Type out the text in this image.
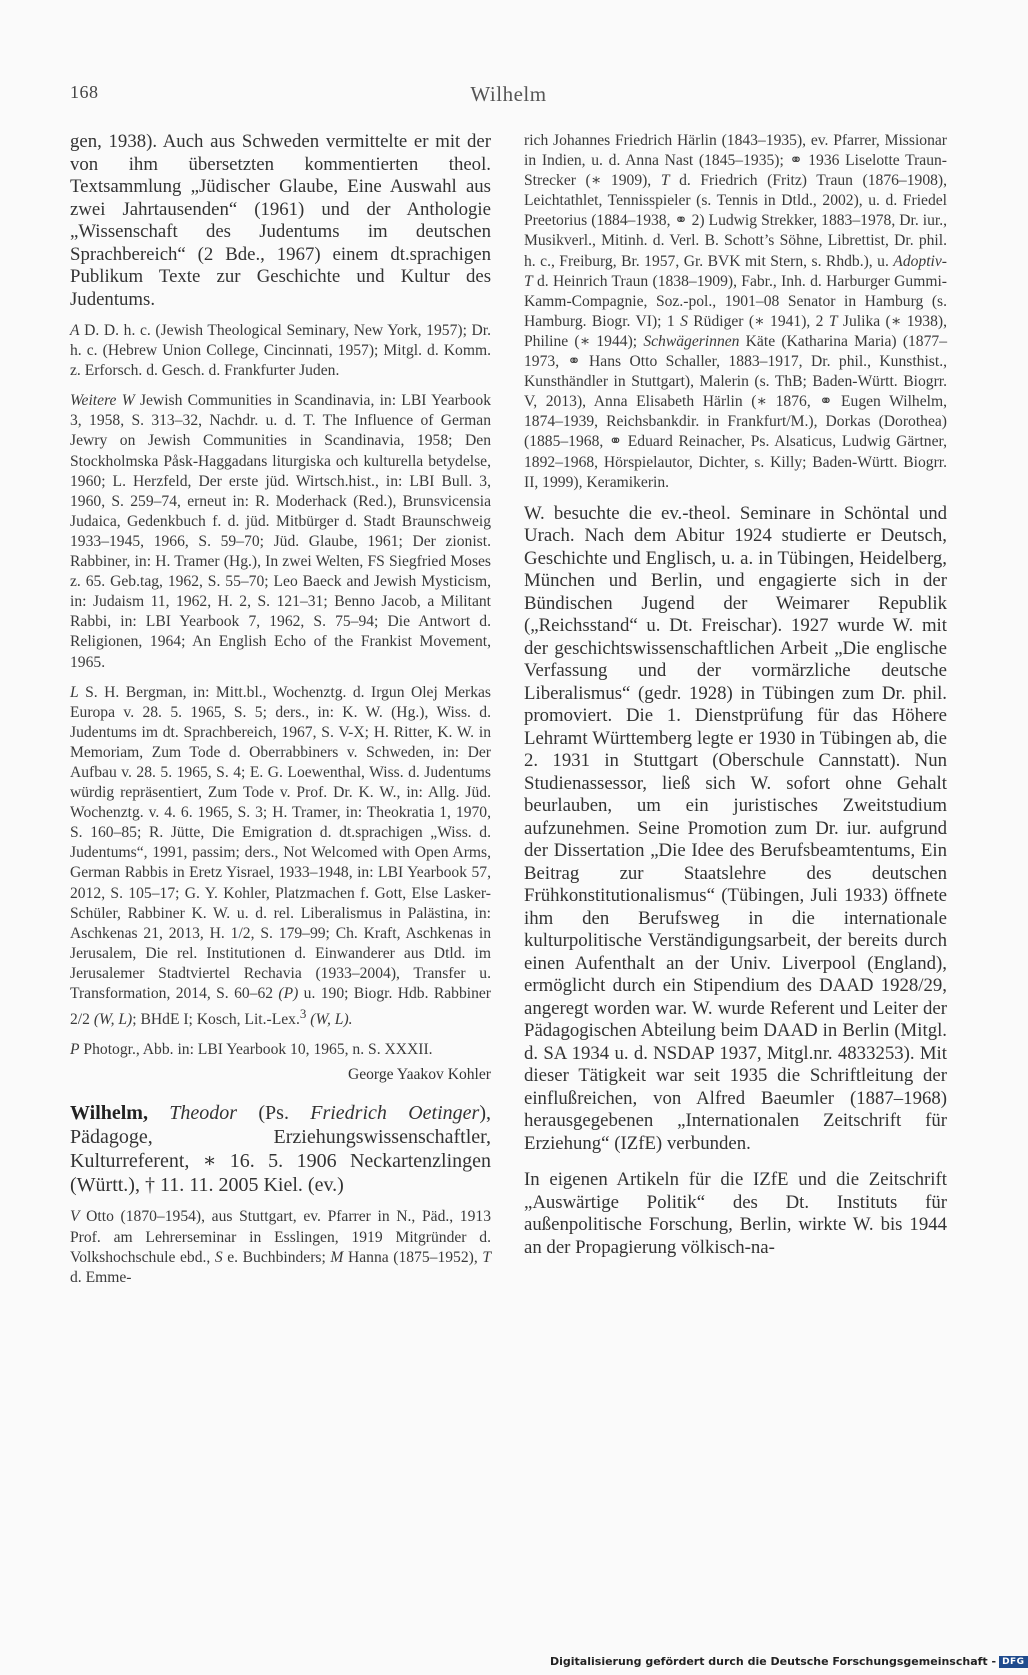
168	Wilhelm

gen, 1938). Auch aus Schweden vermittelte er mit der von ihm übersetzten kommentierten theol. Textsammlung „Jüdischer Glaube, Eine Auswahl aus zwei Jahrtausenden“ (1961) und der Anthologie „Wissenschaft des Judentums im deutschen Sprachbereich“ (2 Bde., 1967) einem dt.sprachigen Publikum Texte zur Geschichte und Kultur des Judentums.

A D. D. h. c. (Jewish Theological Seminary, New York, 1957); Dr. h. c. (Hebrew Union College, Cincinnati, 1957); Mitgl. d. Komm. z. Erforsch. d. Gesch. d. Frankfurter Juden.

Weitere W Jewish Communities in Scandinavia, in: LBI Yearbook 3, 1958, S. 313–32, Nachdr. u. d. T. The Influence of German Jewry on Jewish Communities in Scandinavia, 1958; Den Stockholmska Påsk-Haggadans liturgiska och kulturella betydelse, 1960; L. Herzfeld, Der erste jüd. Wirtsch.hist., in: LBI Bull. 3, 1960, S. 259–74, erneut in: R. Moderhack (Red.), Brunsvicensia Judaica, Gedenkbuch f. d. jüd. Mitbürger d. Stadt Braunschweig 1933–1945, 1966, S. 59–70; Jüd. Glaube, 1961; Der zionist. Rabbiner, in: H. Tramer (Hg.), In zwei Welten, FS Siegfried Moses z. 65. Geb.tag, 1962, S. 55–70; Leo Baeck and Jewish Mysticism, in: Judaism 11, 1962, H. 2, S. 121–31; Benno Jacob, a Militant Rabbi, in: LBI Yearbook 7, 1962, S. 75–94; Die Antwort d. Religionen, 1964; An English Echo of the Frankist Movement, 1965.

L S. H. Bergman, in: Mitt.bl., Wochenztg. d. Irgun Olej Merkas Europa v. 28. 5. 1965, S. 5; ders., in: K. W. (Hg.), Wiss. d. Judentums im dt. Sprachbereich, 1967, S. V-X; H. Ritter, K. W. in Memoriam, Zum Tode d. Oberrabbiners v. Schweden, in: Der Aufbau v. 28. 5. 1965, S. 4; E. G. Loewenthal, Wiss. d. Judentums würdig repräsentiert, Zum Tode v. Prof. Dr. K. W., in: Allg. Jüd. Wochenztg. v. 4. 6. 1965, S. 3; H. Tramer, in: Theokratia 1, 1970, S. 160–85; R. Jütte, Die Emigration d. dt.sprachigen „Wiss. d. Judentums“, 1991, passim; ders., Not Welcomed with Open Arms, German Rabbis in Eretz Yisrael, 1933–1948, in: LBI Yearbook 57, 2012, S. 105–17; G. Y. Kohler, Platzmachen f. Gott, Else Lasker-Schüler, Rabbiner K. W. u. d. rel. Liberalismus in Palästina, in: Aschkenas 21, 2013, H. 1/2, S. 179–99; Ch. Kraft, Aschkenas in Jerusalem, Die rel. Institutionen d. Einwanderer aus Dtld. im Jerusalemer Stadtviertel Rechavia (1933–2004), Transfer u. Transformation, 2014, S. 60–62 (P) u. 190; Biogr. Hdb. Rabbiner 2/2 (W, L); BHdE I; Kosch, Lit.-Lex.$^3$ (W, L).

P Photogr., Abb. in: LBI Yearbook 10, 1965, n. S. XXXII.

George Yaakov Kohler

Wilhelm, Theodor (Ps. Friedrich Oetinger), Pädagoge, Erziehungswissenschaftler, Kulturreferent, ∗ 16. 5. 1906 Neckartenzlingen (Württ.), † 11. 11. 2005 Kiel. (ev.)

V Otto (1870–1954), aus Stuttgart, ev. Pfarrer in N., Päd., 1913 Prof. am Lehrerseminar in Esslingen, 1919 Mitgründer d. Volkshochschule ebd., S e. Buchbinders; M Hanna (1875–1952), T d. Emme-

rich Johannes Friedrich Härlin (1843–1935), ev. Pfarrer, Missionar in Indien, u. d. Anna Nast (1845–1935); ⚭ 1936 Liselotte Traun-Strecker (∗ 1909), T d. Friedrich (Fritz) Traun (1876–1908), Leichtathlet, Tennisspieler (s. Tennis in Dtld., 2002), u. d. Friedel Preetorius (1884–1938, ⚭ 2) Ludwig Strekker, 1883–1978, Dr. iur., Musikverl., Mitinh. d. Verl. B. Schott’s Söhne, Librettist, Dr. phil. h. c., Freiburg, Br. 1957, Gr. BVK mit Stern, s. Rhdb.), u. Adoptiv-T d. Heinrich Traun (1838–1909), Fabr., Inh. d. Harburger Gummi-Kamm-Compagnie, Soz.-pol., 1901–08 Senator in Hamburg (s. Hamburg. Biogr. VI); 1 S Rüdiger (∗ 1941), 2 T Julika (∗ 1938), Philine (∗ 1944); Schwägerinnen Käte (Katharina Maria) (1877–1973, ⚭ Hans Otto Schaller, 1883–1917, Dr. phil., Kunsthist., Kunsthändler in Stuttgart), Malerin (s. ThB; Baden-Württ. Biogrr. V, 2013), Anna Elisabeth Härlin (∗ 1876, ⚭ Eugen Wilhelm, 1874–1939, Reichsbankdir. in Frankfurt/M.), Dorkas (Dorothea) (1885–1968, ⚭ Eduard Reinacher, Ps. Alsaticus, Ludwig Gärtner, 1892–1968, Hörspielautor, Dichter, s. Killy; Baden-Württ. Biogrr. II, 1999), Keramikerin.

W. besuchte die ev.-theol. Seminare in Schöntal und Urach. Nach dem Abitur 1924 studierte er Deutsch, Geschichte und Englisch, u. a. in Tübingen, Heidelberg, München und Berlin, und engagierte sich in der Bündischen Jugend der Weimarer Republik („Reichsstand“ u. Dt. Freischar). 1927 wurde W. mit der geschichtswissenschaftlichen Arbeit „Die englische Verfassung und der vormärzliche deutsche Liberalismus“ (gedr. 1928) in Tübingen zum Dr. phil. promoviert. Die 1. Dienstprüfung für das Höhere Lehramt Württemberg legte er 1930 in Tübingen ab, die 2. 1931 in Stuttgart (Oberschule Cannstatt). Nun Studienassessor, ließ sich W. sofort ohne Gehalt beurlauben, um ein juristisches Zweitstudium aufzunehmen. Seine Promotion zum Dr. iur. aufgrund der Dissertation „Die Idee des Berufsbeamtentums, Ein Beitrag zur Staatslehre des deutschen Frühkonstitutionalismus“ (Tübingen, Juli 1933) öffnete ihm den Berufsweg in die internationale kulturpolitische Verständigungsarbeit, der bereits durch einen Aufenthalt an der Univ. Liverpool (England), ermöglicht durch ein Stipendium des DAAD 1928/29, angeregt worden war. W. wurde Referent und Leiter der Pädagogischen Abteilung beim DAAD in Berlin (Mitgl. d. SA 1934 u. d. NSDAP 1937, Mitgl.nr. 4833253). Mit dieser Tätigkeit war seit 1935 die Schriftleitung der einflußreichen, von Alfred Baeumler (1887–1968) herausgegebenen „Internationalen Zeitschrift für Erziehung“ (IZfE) verbunden.

In eigenen Artikeln für die IZfE und die Zeitschrift „Auswärtige Politik“ des Dt. Instituts für außenpolitische Forschung, Berlin, wirkte W. bis 1944 an der Propagierung völkisch-na-

Digitalisierung gefördert durch die Deutsche Forschungsgemeinschaft - DFG
